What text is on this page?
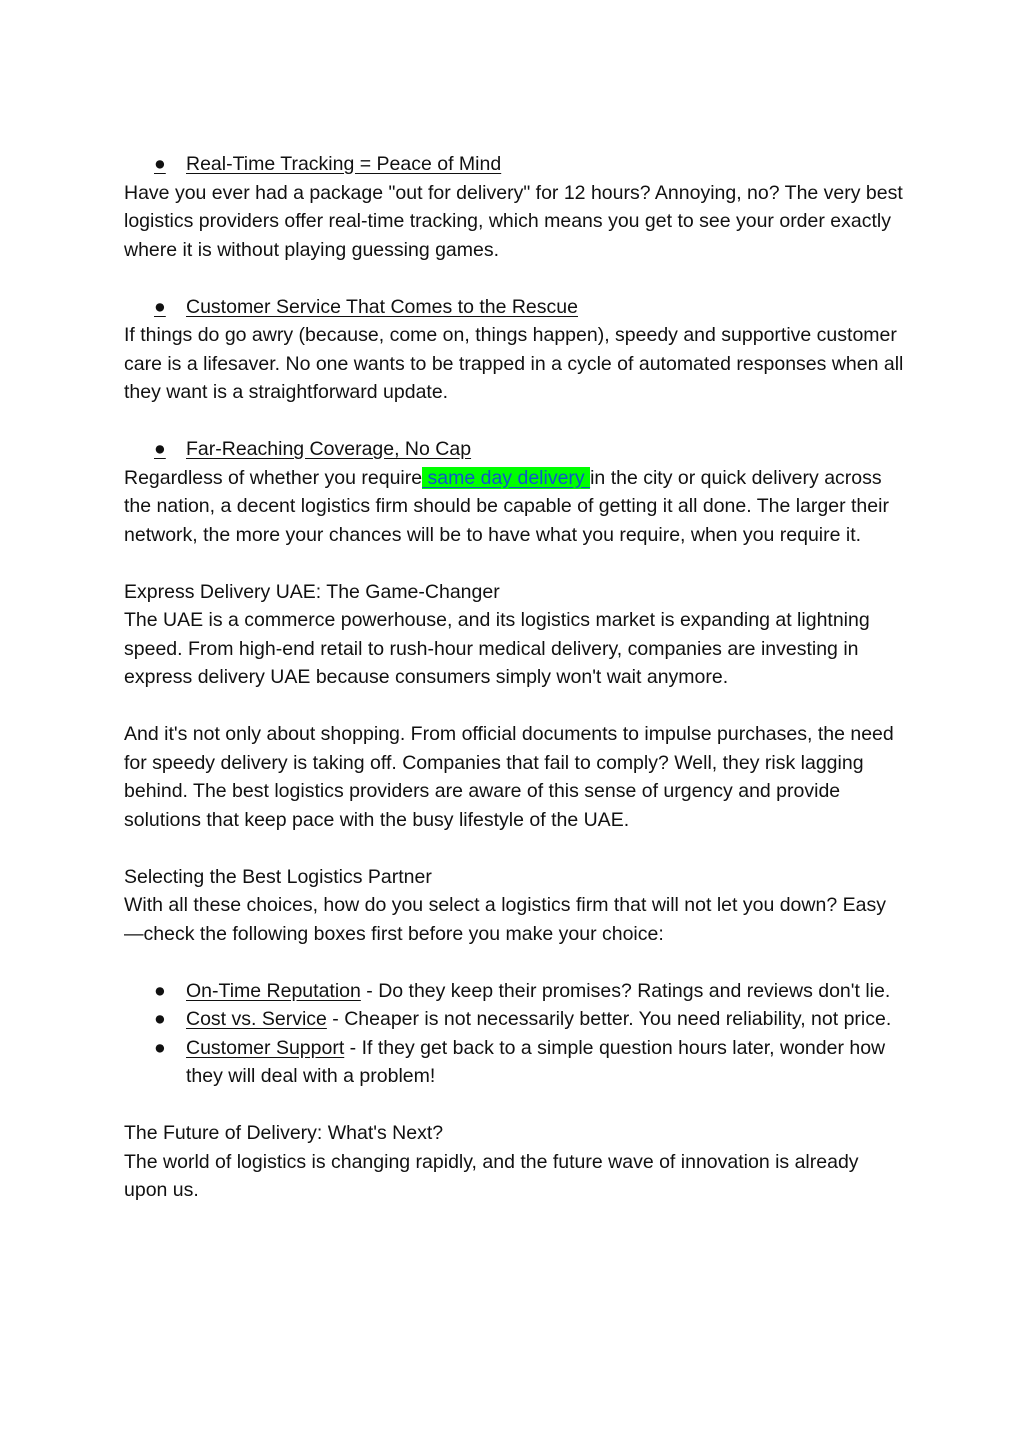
● Real-Time Tracking = Peace of Mind

Have you ever had a package "out for delivery" for 12 hours? Annoying, no? The very best logistics providers offer real-time tracking, which means you get to see your order exactly where it is without playing guessing games.

● Customer Service That Comes to the Rescue

If things do go awry (because, come on, things happen), speedy and supportive customer care is a lifesaver. No one wants to be trapped in a cycle of automated responses when all they want is a straightforward update.

● Far-Reaching Coverage, No Cap

Regardless of whether you require same day delivery in the city or quick delivery across the nation, a decent logistics firm should be capable of getting it all done. The larger their network, the more your chances will be to have what you require, when you require it.

Express Delivery UAE: The Game-Changer

The UAE is a commerce powerhouse, and its logistics market is expanding at lightning speed. From high-end retail to rush-hour medical delivery, companies are investing in express delivery UAE because consumers simply won't wait anymore.

And it's not only about shopping. From official documents to impulse purchases, the need for speedy delivery is taking off. Companies that fail to comply? Well, they risk lagging behind. The best logistics providers are aware of this sense of urgency and provide solutions that keep pace with the busy lifestyle of the UAE.

Selecting the Best Logistics Partner

With all these choices, how do you select a logistics firm that will not let you down? Easy—check the following boxes first before you make your choice:

● On-Time Reputation - Do they keep their promises? Ratings and reviews don't lie.
● Cost vs. Service - Cheaper is not necessarily better. You need reliability, not price.
● Customer Support - If they get back to a simple question hours later, wonder how they will deal with a problem!

The Future of Delivery: What's Next?

The world of logistics is changing rapidly, and the future wave of innovation is already upon us.
